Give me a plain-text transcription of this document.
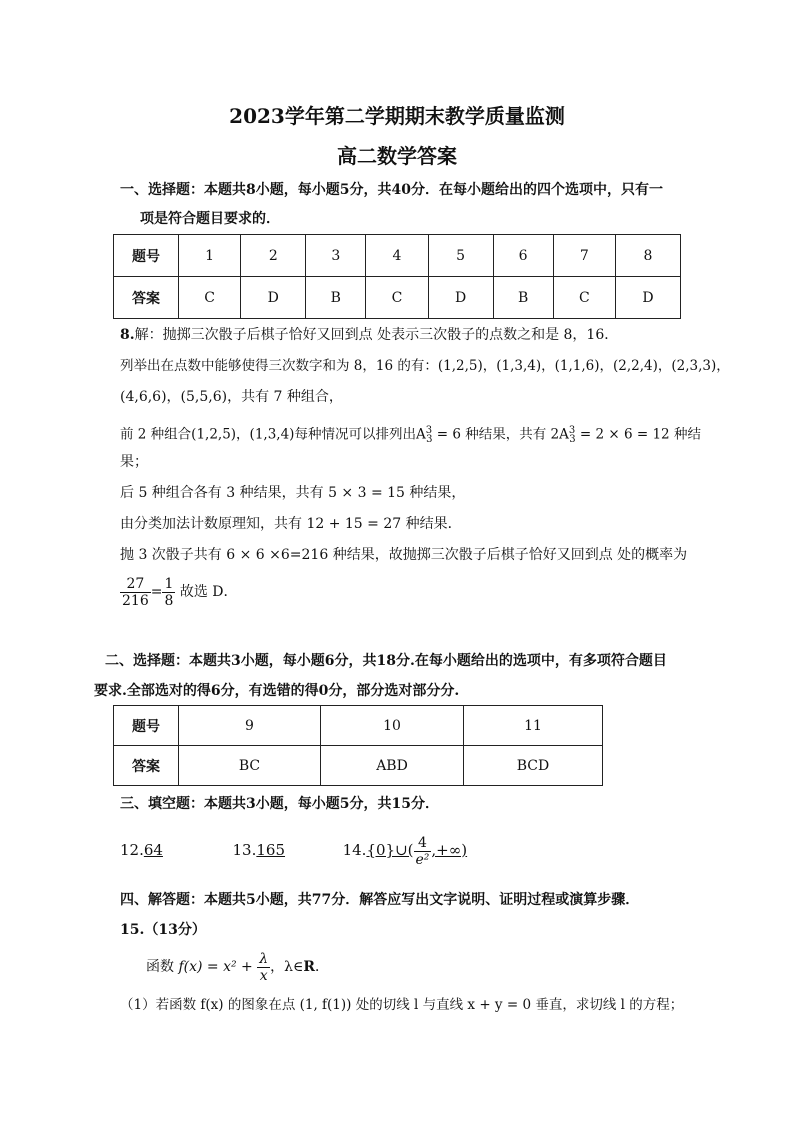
2023学年第二学期期末教学质量监测
高二数学答案
一、选择题：本题共8小题，每小题5分，共40分．在每小题给出的四个选项中，只有一
项是符合题目要求的．
题号	1	2	3	4	5	6	7	8
答案	C	D	B	C	D	B	C	D
8.解：抛掷三次骰子后棋子恰好又回到点 处表示三次骰子的点数之和是 8，16．
列举出在点数中能够使得三次数字和为 8，16 的有：(1,2,5)，(1,3,4)，(1,1,6)，(2,2,4)，(2,3,3)，
(4,6,6)，(5,5,6)，共有 7 种组合，
前 2 种组合(1,2,5)，(1,3,4)每种情况可以排列出$A^3_3 = 6$ 种结果，共有 $2A^3_3 = 2 \times 6 = 12$ 种结
果；
后 5 种组合各有 3 种结果，共有 5 × 3 = 15 种结果，
由分类加法计数原理知，共有 12 + 15 = 27 种结果．
抛 3 次骰子共有 6 × 6 ×6=216 种结果，故抛掷三次骰子后棋子恰好又回到点 处的概率为
$\frac{27}{216} = \frac{1}{8}$ 故选 D．
二、选择题：本题共3小题，每小题6分，共18分.在每小题给出的选项中，有多项符合题目
要求.全部选对的得6分，有选错的得0分，部分选对部分分.
题号	9	10	11
答案	BC	ABD	BCD
三、填空题：本题共3小题，每小题5分，共15分．
12.64	13.165	14.{0}∪( $\frac{4}{\text{e²}}$ ,+∞)
四、解答题：本题共5小题，共77分．解答应写出文字说明、证明过程或演算步骤．
15.（13分）
函数 $f(x) = x^2 + \frac{\lambda}{x}$ ，λ∈R．
（1）若函数 f(x) 的图象在点 (1, f(1)) 处的切线 l 与直线 x + y = 0 垂直，求切线 l 的方程；
